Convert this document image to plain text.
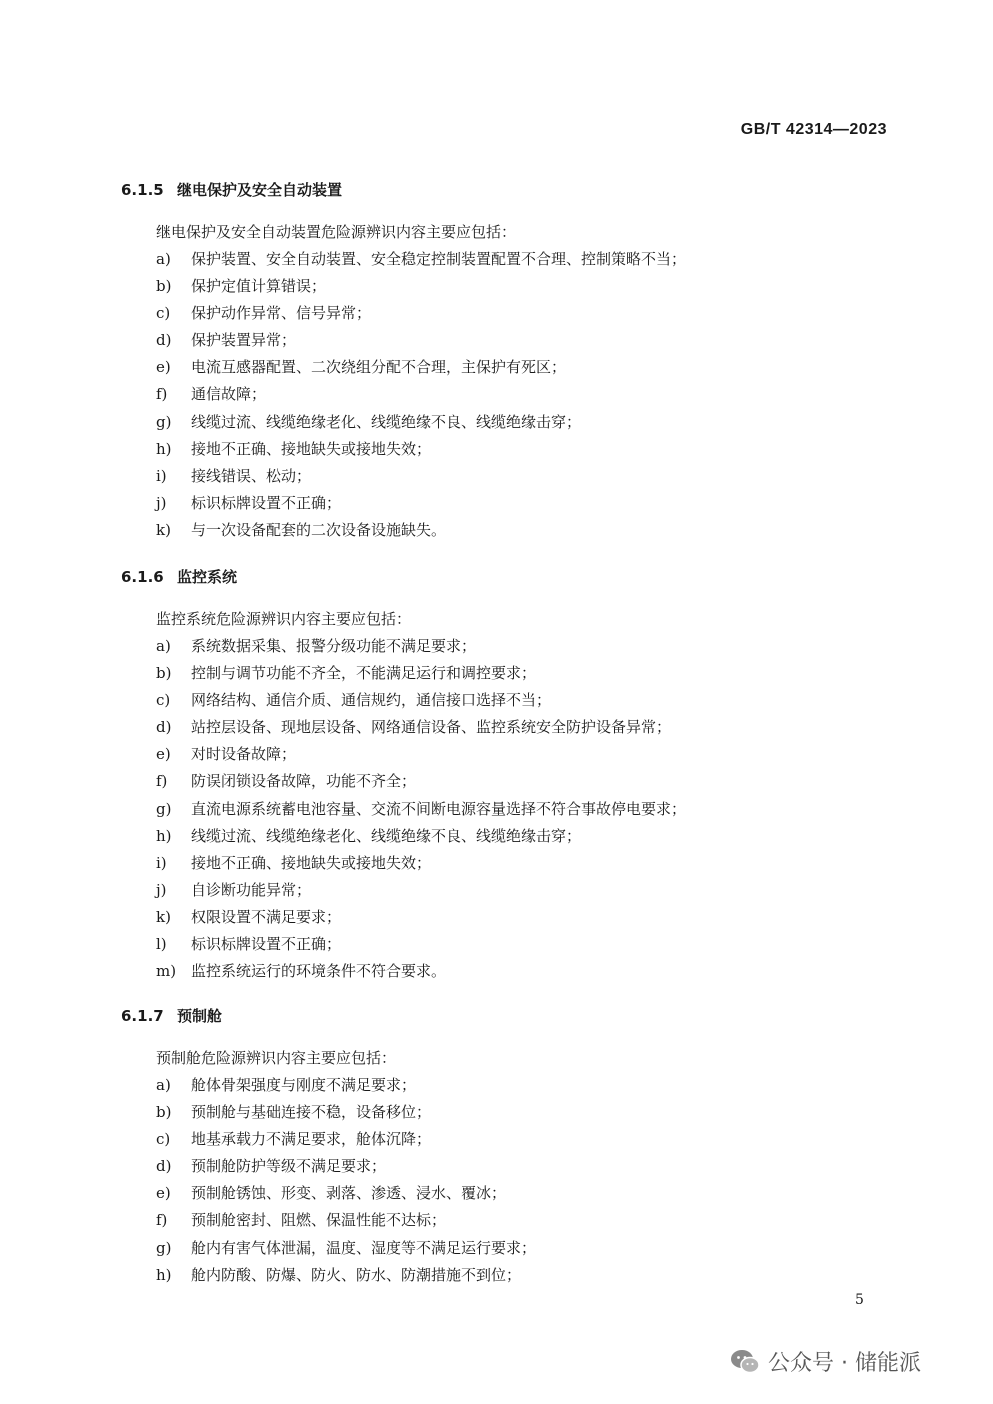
GB/T 42314—2023
6.1.5 继电保护及安全自动装置
继电保护及安全自动装置危险源辨识内容主要应包括：
a)	保护装置、安全自动装置、安全稳定控制装置配置不合理、控制策略不当；
b)	保护定值计算错误；
c)	保护动作异常、信号异常；
d)	保护装置异常；
e)	电流互感器配置、二次绕组分配不合理，主保护有死区；
f)	通信故障；
g)	线缆过流、线缆绝缘老化、线缆绝缘不良、线缆绝缘击穿；
h)	接地不正确、接地缺失或接地失效；
i)	接线错误、松动；
j)	标识标牌设置不正确；
k)	与一次设备配套的二次设备设施缺失。
6.1.6 监控系统
监控系统危险源辨识内容主要应包括：
a)	系统数据采集、报警分级功能不满足要求；
b)	控制与调节功能不齐全，不能满足运行和调控要求；
c)	网络结构、通信介质、通信规约，通信接口选择不当；
d)	站控层设备、现地层设备、网络通信设备、监控系统安全防护设备异常；
e)	对时设备故障；
f)	防误闭锁设备故障，功能不齐全；
g)	直流电源系统蓄电池容量、交流不间断电源容量选择不符合事故停电要求；
h)	线缆过流、线缆绝缘老化、线缆绝缘不良、线缆绝缘击穿；
i)	接地不正确、接地缺失或接地失效；
j)	自诊断功能异常；
k)	权限设置不满足要求；
l)	标识标牌设置不正确；
m) 监控系统运行的环境条件不符合要求。
6.1.7 预制舱
预制舱危险源辨识内容主要应包括：
a)	舱体骨架强度与刚度不满足要求；
b)	预制舱与基础连接不稳，设备移位；
c)	地基承载力不满足要求，舱体沉降；
d)	预制舱防护等级不满足要求；
e)	预制舱锈蚀、形变、剥落、渗透、浸水、覆冰；
f)	预制舱密封、阻燃、保温性能不达标；
g)	舱内有害气体泄漏，温度、湿度等不满足运行要求；
h)	舱内防酸、防爆、防火、防水、防潮措施不到位；
5
公众号 · 储能派
